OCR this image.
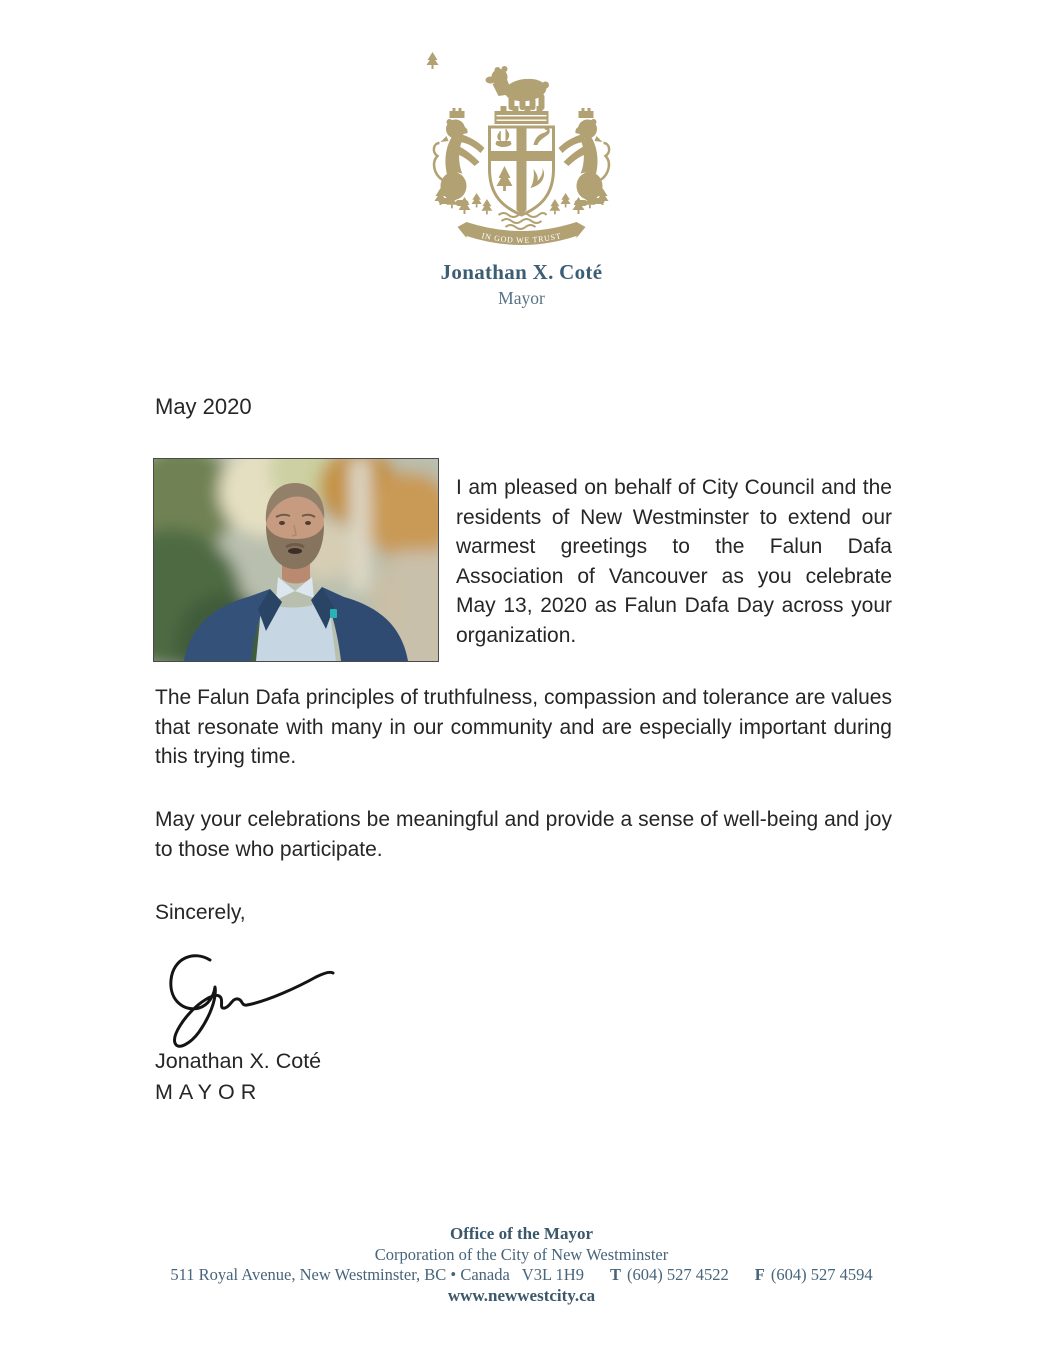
IN GOD WE TRUST
Jonathan X. Coté
Mayor
May 2020

I am pleased on behalf of City Council and the residents of New Westminster to extend our warmest greetings to the Falun Dafa Association of Vancouver as you celebrate May 13, 2020 as Falun Dafa Day across your organization.

The Falun Dafa principles of truthfulness, compassion and tolerance are values that resonate with many in our community and are especially important during this trying time.

May your celebrations be meaningful and provide a sense of well-being and joy to those who participate.

Sincerely,
Jonathan X. Coté
MAYOR
Office of the Mayor
Corporation of the City of New Westminster
511 Royal Avenue, New Westminster, BC • Canada V3L 1H9 T (604) 527 4522 F (604) 527 4594
www.newwestcity.ca
